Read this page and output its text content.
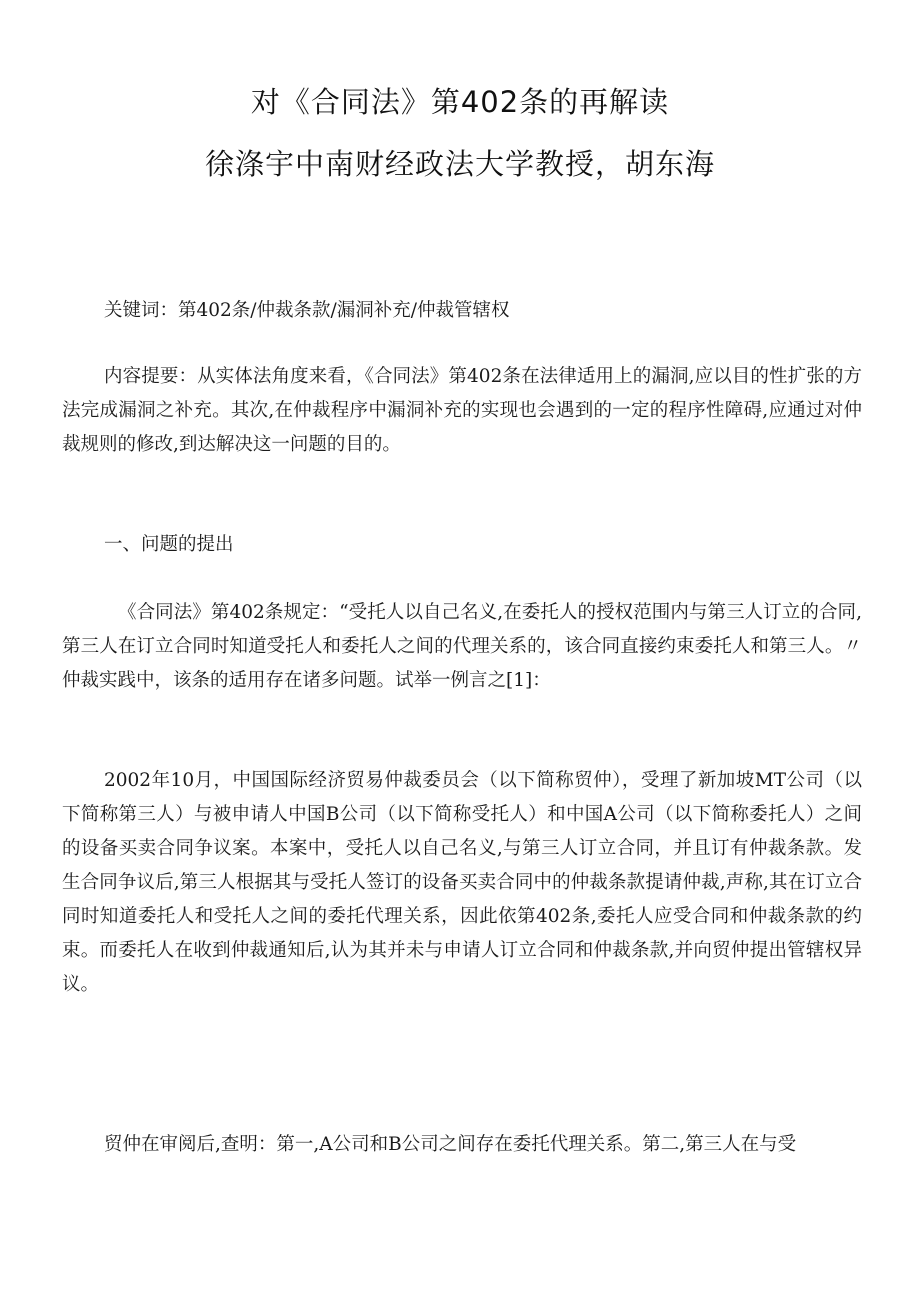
对《合同法》第402条的再解读
徐涤宇中南财经政法大学教授，胡东海
关键词：第402条/仲裁条款/漏洞补充/仲裁管辖权
内容提要：从实体法角度来看，《合同法》第402条在法律适用上的漏洞,应以目的性扩张的方法完成漏洞之补充。其次,在仲裁程序中漏洞补充的实现也会遇到的一定的程序性障碍,应通过对仲裁规则的修改,到达解决这一问题的目的。
一、问题的提出
《合同法》第402条规定：“受托人以自己名义,在委托人的授权范围内与第三人订立的合同,第三人在订立合同时知道受托人和委托人之间的代理关系的，该合同直接约束委托人和第三人。〃仲裁实践中，该条的适用存在诸多问题。试举一例言之[1]：
2002年10月，中国国际经济贸易仲裁委员会（以下简称贸仲），受理了新加坡MT公司（以下简称第三人）与被申请人中国B公司（以下简称受托人）和中国A公司（以下简称委托人）之间的设备买卖合同争议案。本案中，受托人以自己名义,与第三人订立合同，并且订有仲裁条款。发生合同争议后,第三人根据其与受托人签订的设备买卖合同中的仲裁条款提请仲裁,声称,其在订立合同时知道委托人和受托人之间的委托代理关系，因此依第402条,委托人应受合同和仲裁条款的约束。而委托人在收到仲裁通知后,认为其并未与申请人订立合同和仲裁条款,并向贸仲提出管辖权异议。
贸仲在审阅后,查明：第一,A公司和B公司之间存在委托代理关系。第二,第三人在与受
